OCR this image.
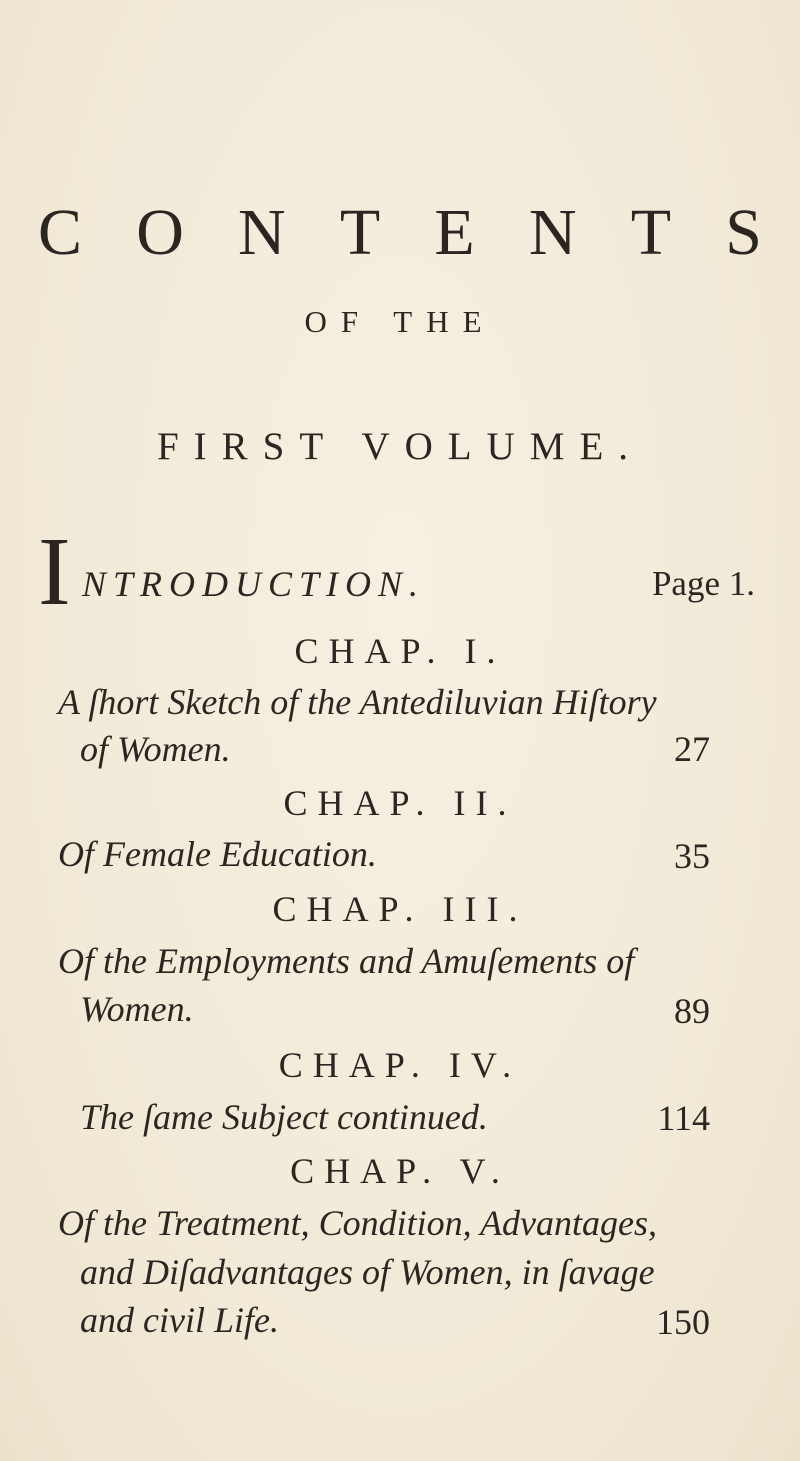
C O N T E N T S
OF THE
FIRST VOLUME.
I NTRODUCTION.	Page 1.
CHAP. I.
A ſhort Sketch of the Antediluvian Hiſtory
of Women.	27
CHAP. II.
Of Female Education.	35
CHAP. III.
Of the Employments and Amuſements of
Women.	89
CHAP. IV.
The ſame Subject continued.	114
CHAP. V.
Of the Treatment, Condition, Advantages,
and Diſadvantages of Women, in ſavage
and civil Life.	150
